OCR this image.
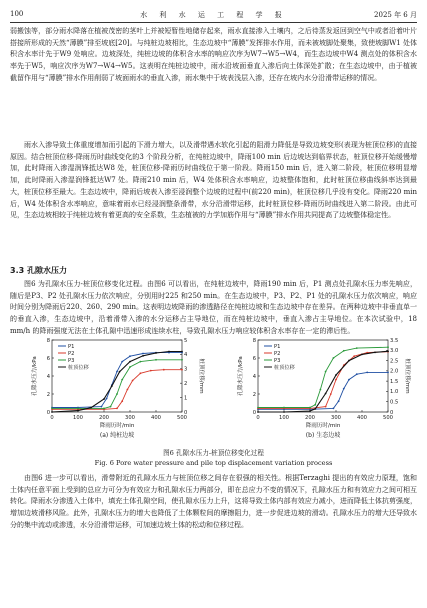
100	水 利 水 运 工 程 学 报	2025 年 6 月

弱搬蚀等，部分雨水降落在植被茂密的茎叶上并被短暂性地储存起来，雨水直接渗入土壤内，之后待蒸发返回到空气中或者沿着叶片搭接所形成的天然“薄膜”排至坡底[20]。与纯桩边坡相比，生态边坡中“薄膜”发挥排水作用，而未被坡脚处聚集，致使坡脚W1 处体积含水率计先于W9 处响应。边坡深处，纯桩边坡的体积含水率的响应次序为W7→W5→W4，而生态边坡中W4 测点处的体积含水率先于W5，响应次序为W7→W4→W5。这表明在纯桩边坡中，雨水沿坡面垂直入渗后向土体深处扩散；在生态边坡中，由于植被截留作用与“薄膜”排水作用削弱了坡面雨水的垂直入渗，雨水集中于坡表浅层入渗，还存在坡内水分沿滑带运移的情况。

雨水入渗导致土体重度增加而引起的下滑力增大，以及滑带遇水软化引起的阻滑力降低是导致边坡变形(表现为桩顶位移)的直接原因。结合桩顶位移-降雨历时曲线变化的3 个阶段分析，在纯桩边坡中，降雨100 min 后边坡达到临界状态，桩顶位移开始缓慢增加，此时降雨入渗湿润锋抵达W8 处，桩顶位移-降雨历时曲线位于第一阶段。降雨150 min 后，进入第二阶段，桩顶位移明显增加，此时降雨入渗湿润锋抵达W7 处。降雨210 min 后，W4 处体积含水率响应，边坡整体饱和，此时桩顶位移曲线斜率达到最大，桩顶位移至最大。生态边坡中，降雨后坡表入渗至浸润整个边坡的过程中(前220 min)，桩顶位移几乎没有变化。降雨220 min 后，W4 处体积含水率响应，意味着雨水已经浸润整条滑带，水分沿滑带运移，此时桩顶位移-降雨历时曲线进入第二阶段。由此可见，生态边坡相较于纯桩边坡有着更高的安全系数，生态植被的力学加筋作用与“薄膜”排水作用共同提高了边坡整体稳定性。

3.3 孔隙水压力

图6 为孔隙水压力-桩顶位移变化过程。由图6 可以看出，在纯桩边坡中，降雨190 min 后，P1 测点处孔隙水压力率先响应，随后是P3、P2 处孔隙水压力依次响应，分别用时225 和250 min。在生态边坡中，P3、P2、P1 处的孔隙水压力依次响应，响应时间分别为降雨后220、260、290 min。这表明边坡降雨的渗透路径在纯桩边坡和生态边坡中存在差异。在两种边坡中非垂直单一的垂直入渗，生态边坡中，沿着滑带入渗的水分运移占主导地位，而在纯桩边坡中，垂直入渗占主导地位。在本次试验中，18 mm/h 的降雨强度无法在土体孔隙中迅速形成连续水柱，导致孔隙水压力响应较体积含水率存在一定的滞后性。

0	100	200	300	400	500
0
2
4
6
8
0
1
2
3
4
5
降雨历时/min
孔隙水压力/kPa	桩顶位移/mm
(a) 纯桩边坡
P1
P2
P3
桩顶位移
0	100	200	300	400	500
0
2
4
6
8
0
0.5
1.0
1.5
2.0
2.5
3.0
3.5
降雨历时/min
孔隙水压力/kPa	桩顶位移/mm
(b) 生态边坡
P1
P2
P3
桩顶位移
图6 孔隙水压力-桩顶位移变化过程
Fig. 6 Pore water pressure and pile top displacement variation process

由图6 进一步可以看出，滑带附近的孔隙水压力与桩顶位移之间存在很强的相关性。根据Terzaghi 提出的有效应力原理，饱和土体内任意平面上受到的总应力可分为有效应力和孔隙水压力两部分，即在总应力不变的情况下，孔隙水压力和有效应力之间可相互转化。降雨水分渗透入土体中，填充土体孔隙空间，使孔隙水压力上升，这将导致土体内部有效应力减小，进而降低土体抗剪强度，增加边坡滑移风险。此外，孔隙水压力的增大也降低了土体颗粒间的摩擦阻力，进一步促进边坡的滑动。孔隙水压力的增大还导致水分的集中流动或渗透，水分沿滑带运移，可加速边坡土体的松动和位移过程。
